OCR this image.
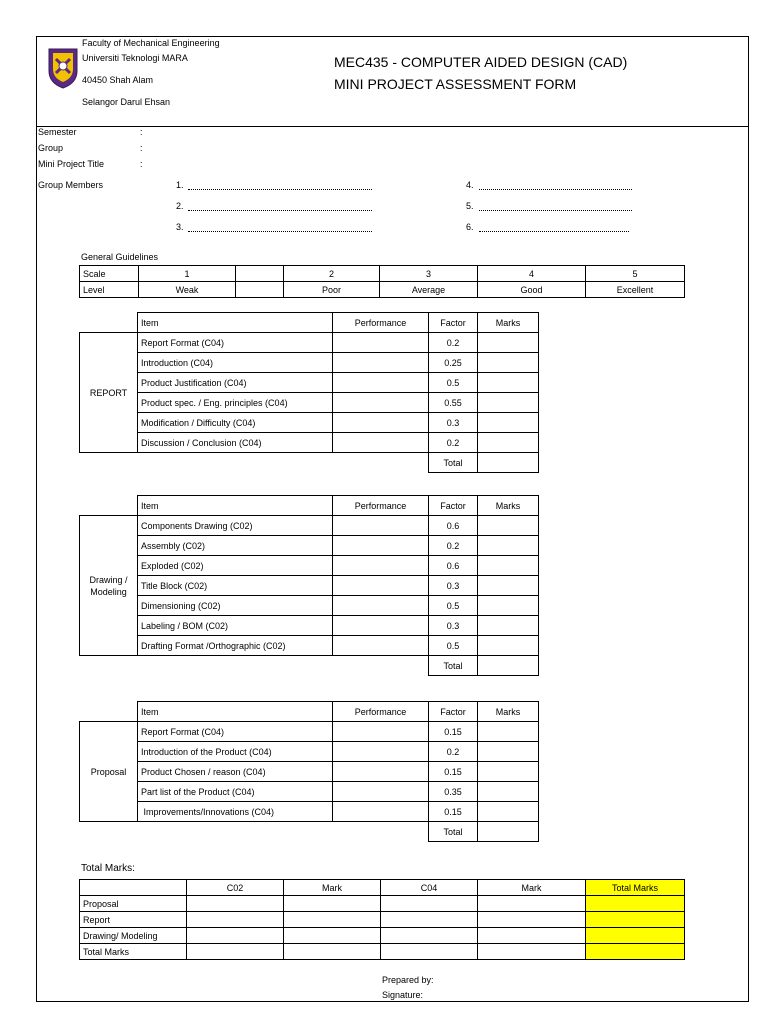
Faculty of Mechanical Engineering
Universiti Teknologi MARA
40450 Shah Alam
Selangor Darul Ehsan
MEC435 - COMPUTER AIDED DESIGN (CAD)
MINI PROJECT ASSESSMENT FORM
Semester	:
Group	:
Mini Project Title	:
Group Members	1.
2.
3.
4.
5.
6.
General Guidelines
Scale	1		2	3	4	5
Level	Weak		Poor	Average	Good	Excellent
	Item	Performance	Factor	Marks
REPORT	Report Format (C04)		0.2	
	Introduction (C04)		0.25	
	Product Justification (C04)		0.5	
	Product spec. / Eng. principles (C04)		0.55	
	Modification / Difficulty (C04)		0.3	
	Discussion / Conclusion (C04)		0.2	
			Total	
	Item	Performance	Factor	Marks

Drawing /
Modeling	Components Drawing (C02)		0.6	
	Assembly (C02)		0.2	
	Exploded (C02)		0.6	
	Title Block (C02)		0.3	
	Dimensioning (C02)		0.5	
	Labeling / BOM (C02)		0.3	
	Drafting Format /Orthographic (C02)		0.5	
			Total	
	Item	Performance	Factor	Marks
Proposal	Report Format (C04)		0.15	
	Introduction of the Product (C04)		0.2	
	Product Chosen / reason (C04)		0.15	
	Part list of the Product (C04)		0.35	
	Improvements/Innovations (C04)		0.15	
			Total	
Total Marks:
	C02	Mark	C04	Mark	Total Marks
Proposal					
Report					
Drawing/ Modeling					
Total Marks					
Prepared by:
Signature:
